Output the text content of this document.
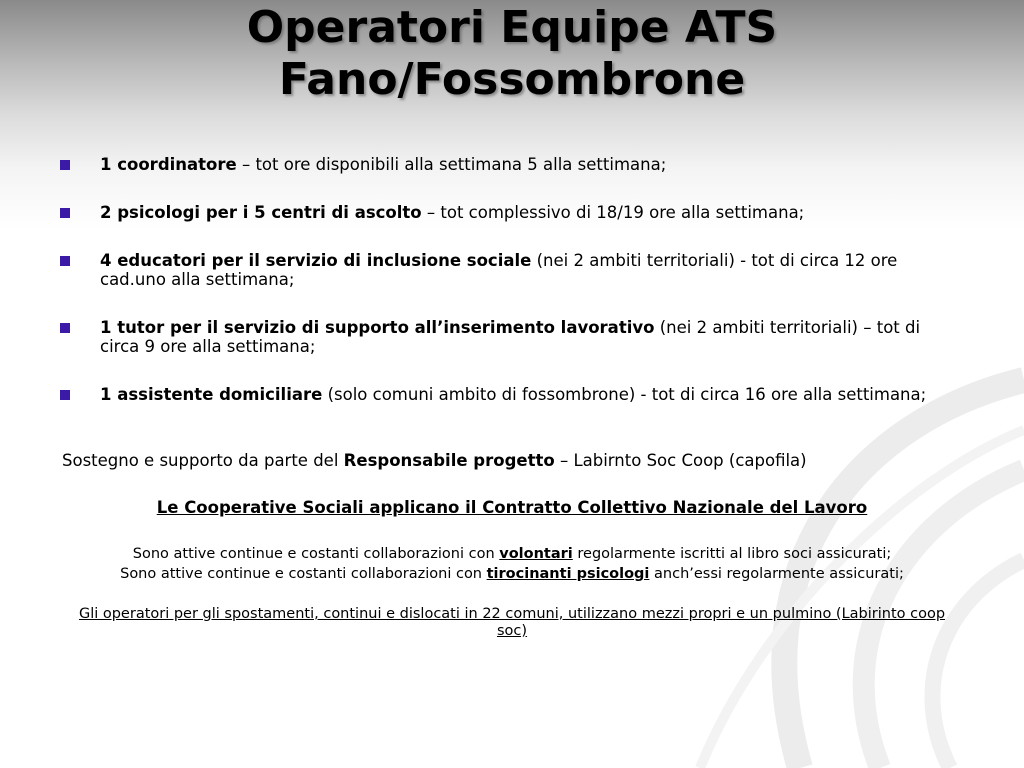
Operatori Equipe ATS
Fano/Fossombrone
1 coordinatore – tot ore disponibili alla settimana 5 alla settimana;
2 psicologi per i 5 centri di ascolto – tot complessivo di 18/19 ore alla settimana;
4 educatori per il servizio di inclusione sociale (nei 2 ambiti territoriali) - tot di circa 12 ore cad.uno alla settimana;
1 tutor per il servizio di supporto all’inserimento lavorativo (nei 2 ambiti territoriali) – tot di circa 9 ore alla settimana;
1 assistente domiciliare (solo comuni ambito di fossombrone) - tot di circa 16 ore alla settimana;
Sostegno e supporto da parte del Responsabile progetto – Labirnto Soc Coop (capofila)
Le Cooperative Sociali applicano il Contratto Collettivo Nazionale del Lavoro
Sono attive continue e costanti collaborazioni con volontari regolarmente iscritti al libro soci assicurati;
Sono attive continue e costanti collaborazioni con tirocinanti psicologi anch’essi regolarmente assicurati;
Gli operatori per gli spostamenti, continui e dislocati in 22 comuni, utilizzano mezzi propri e un pulmino (Labirinto coop soc)
